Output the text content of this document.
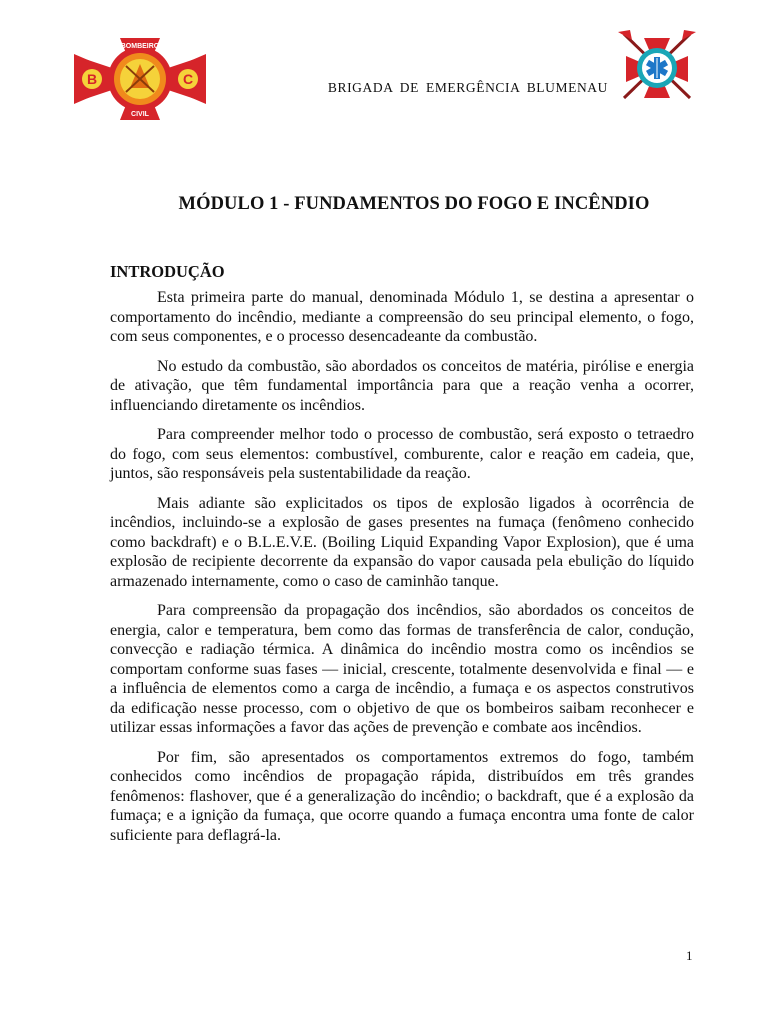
B	C
BOMBEIRO
CIVIL
BRIGADA DE EMERGÊNCIA BLUMENAU
MÓDULO 1 - FUNDAMENTOS DO FOGO E INCÊNDIO
INTRODUÇÃO

Esta primeira parte do manual, denominada Módulo 1, se destina a apresentar o comportamento do incêndio, mediante a compreensão do seu principal elemento, o fogo, com seus componentes, e o processo desencadeante da combustão.

No estudo da combustão, são abordados os conceitos de matéria, pirólise e energia de ativação, que têm fundamental importância para que a reação venha a ocorrer, influenciando diretamente os incêndios.

Para compreender melhor todo o processo de combustão, será exposto o tetraedro do fogo, com seus elementos: combustível, comburente, calor e reação em cadeia, que, juntos, são responsáveis pela sustentabilidade da reação.

Mais adiante são explicitados os tipos de explosão ligados à ocorrência de incêndios, incluindo-se a explosão de gases presentes na fumaça (fenômeno conhecido como backdraft) e o B.L.E.V.E. (Boiling Liquid Expanding Vapor Explosion), que é uma explosão de recipiente decorrente da expansão do vapor causada pela ebulição do líquido armazenado internamente, como o caso de caminhão tanque.

Para compreensão da propagação dos incêndios, são abordados os conceitos de energia, calor e temperatura, bem como das formas de transferência de calor, condução, convecção e radiação térmica. A dinâmica do incêndio mostra como os incêndios se comportam conforme suas fases — inicial, crescente, totalmente desenvolvida e final — e a influência de elementos como a carga de incêndio, a fumaça e os aspectos construtivos da edificação nesse processo, com o objetivo de que os bombeiros saibam reconhecer e utilizar essas informações a favor das ações de prevenção e combate aos incêndios.

Por fim, são apresentados os comportamentos extremos do fogo, também conhecidos como incêndios de propagação rápida, distribuídos em três grandes fenômenos: flashover, que é a generalização do incêndio; o backdraft, que é a explosão da fumaça; e a ignição da fumaça, que ocorre quando a fumaça encontra uma fonte de calor suficiente para deflagrá-la.

1
